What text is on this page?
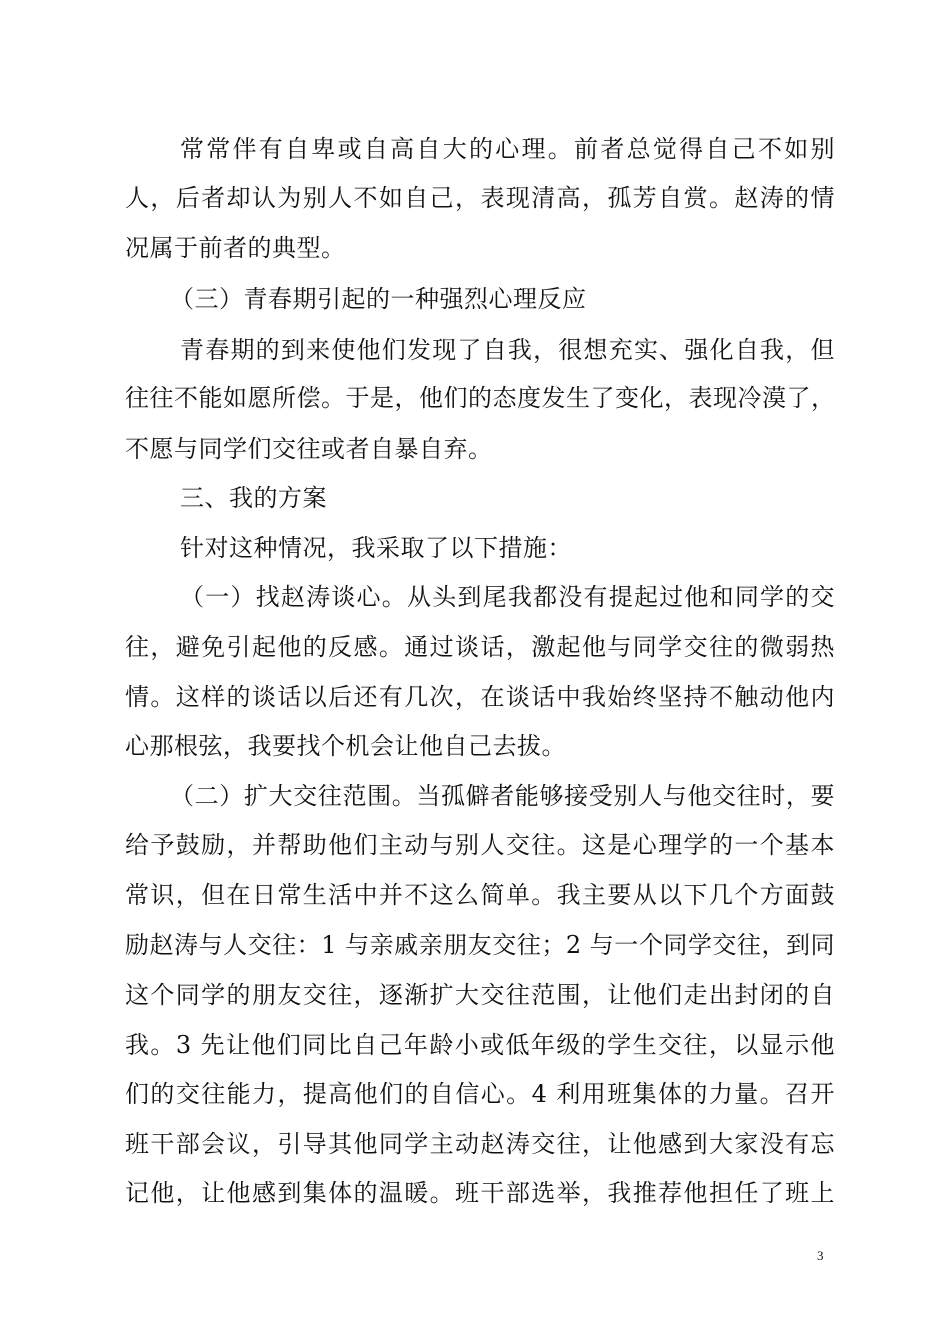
常常伴有自卑或自高自大的心理。前者总觉得自己不如别
人，后者却认为别人不如自己，表现清高，孤芳自赏。赵涛的情
况属于前者的典型。
（三）青春期引起的一种强烈心理反应
青春期的到来使他们发现了自我，很想充实、强化自我，但
往往不能如愿所偿。于是，他们的态度发生了变化，表现冷漠了，
不愿与同学们交往或者自暴自弃。
三、我的方案
针对这种情况，我采取了以下措施：
（一）找赵涛谈心。从头到尾我都没有提起过他和同学的交
往，避免引起他的反感。通过谈话，激起他与同学交往的微弱热
情。这样的谈话以后还有几次，在谈话中我始终坚持不触动他内
心那根弦，我要找个机会让他自己去拔。
（二）扩大交往范围。当孤僻者能够接受别人与他交往时，要
给予鼓励，并帮助他们主动与别人交往。这是心理学的一个基本
常识，但在日常生活中并不这么简单。我主要从以下几个方面鼓
励赵涛与人交往：1 与亲戚亲朋友交往；2 与一个同学交往，到同
这个同学的朋友交往，逐渐扩大交往范围，让他们走出封闭的自
我。3 先让他们同比自己年龄小或低年级的学生交往，以显示他
们的交往能力，提高他们的自信心。4 利用班集体的力量。召开
班干部会议，引导其他同学主动赵涛交往，让他感到大家没有忘
记他，让他感到集体的温暖。班干部选举，我推荐他担任了班上
3
